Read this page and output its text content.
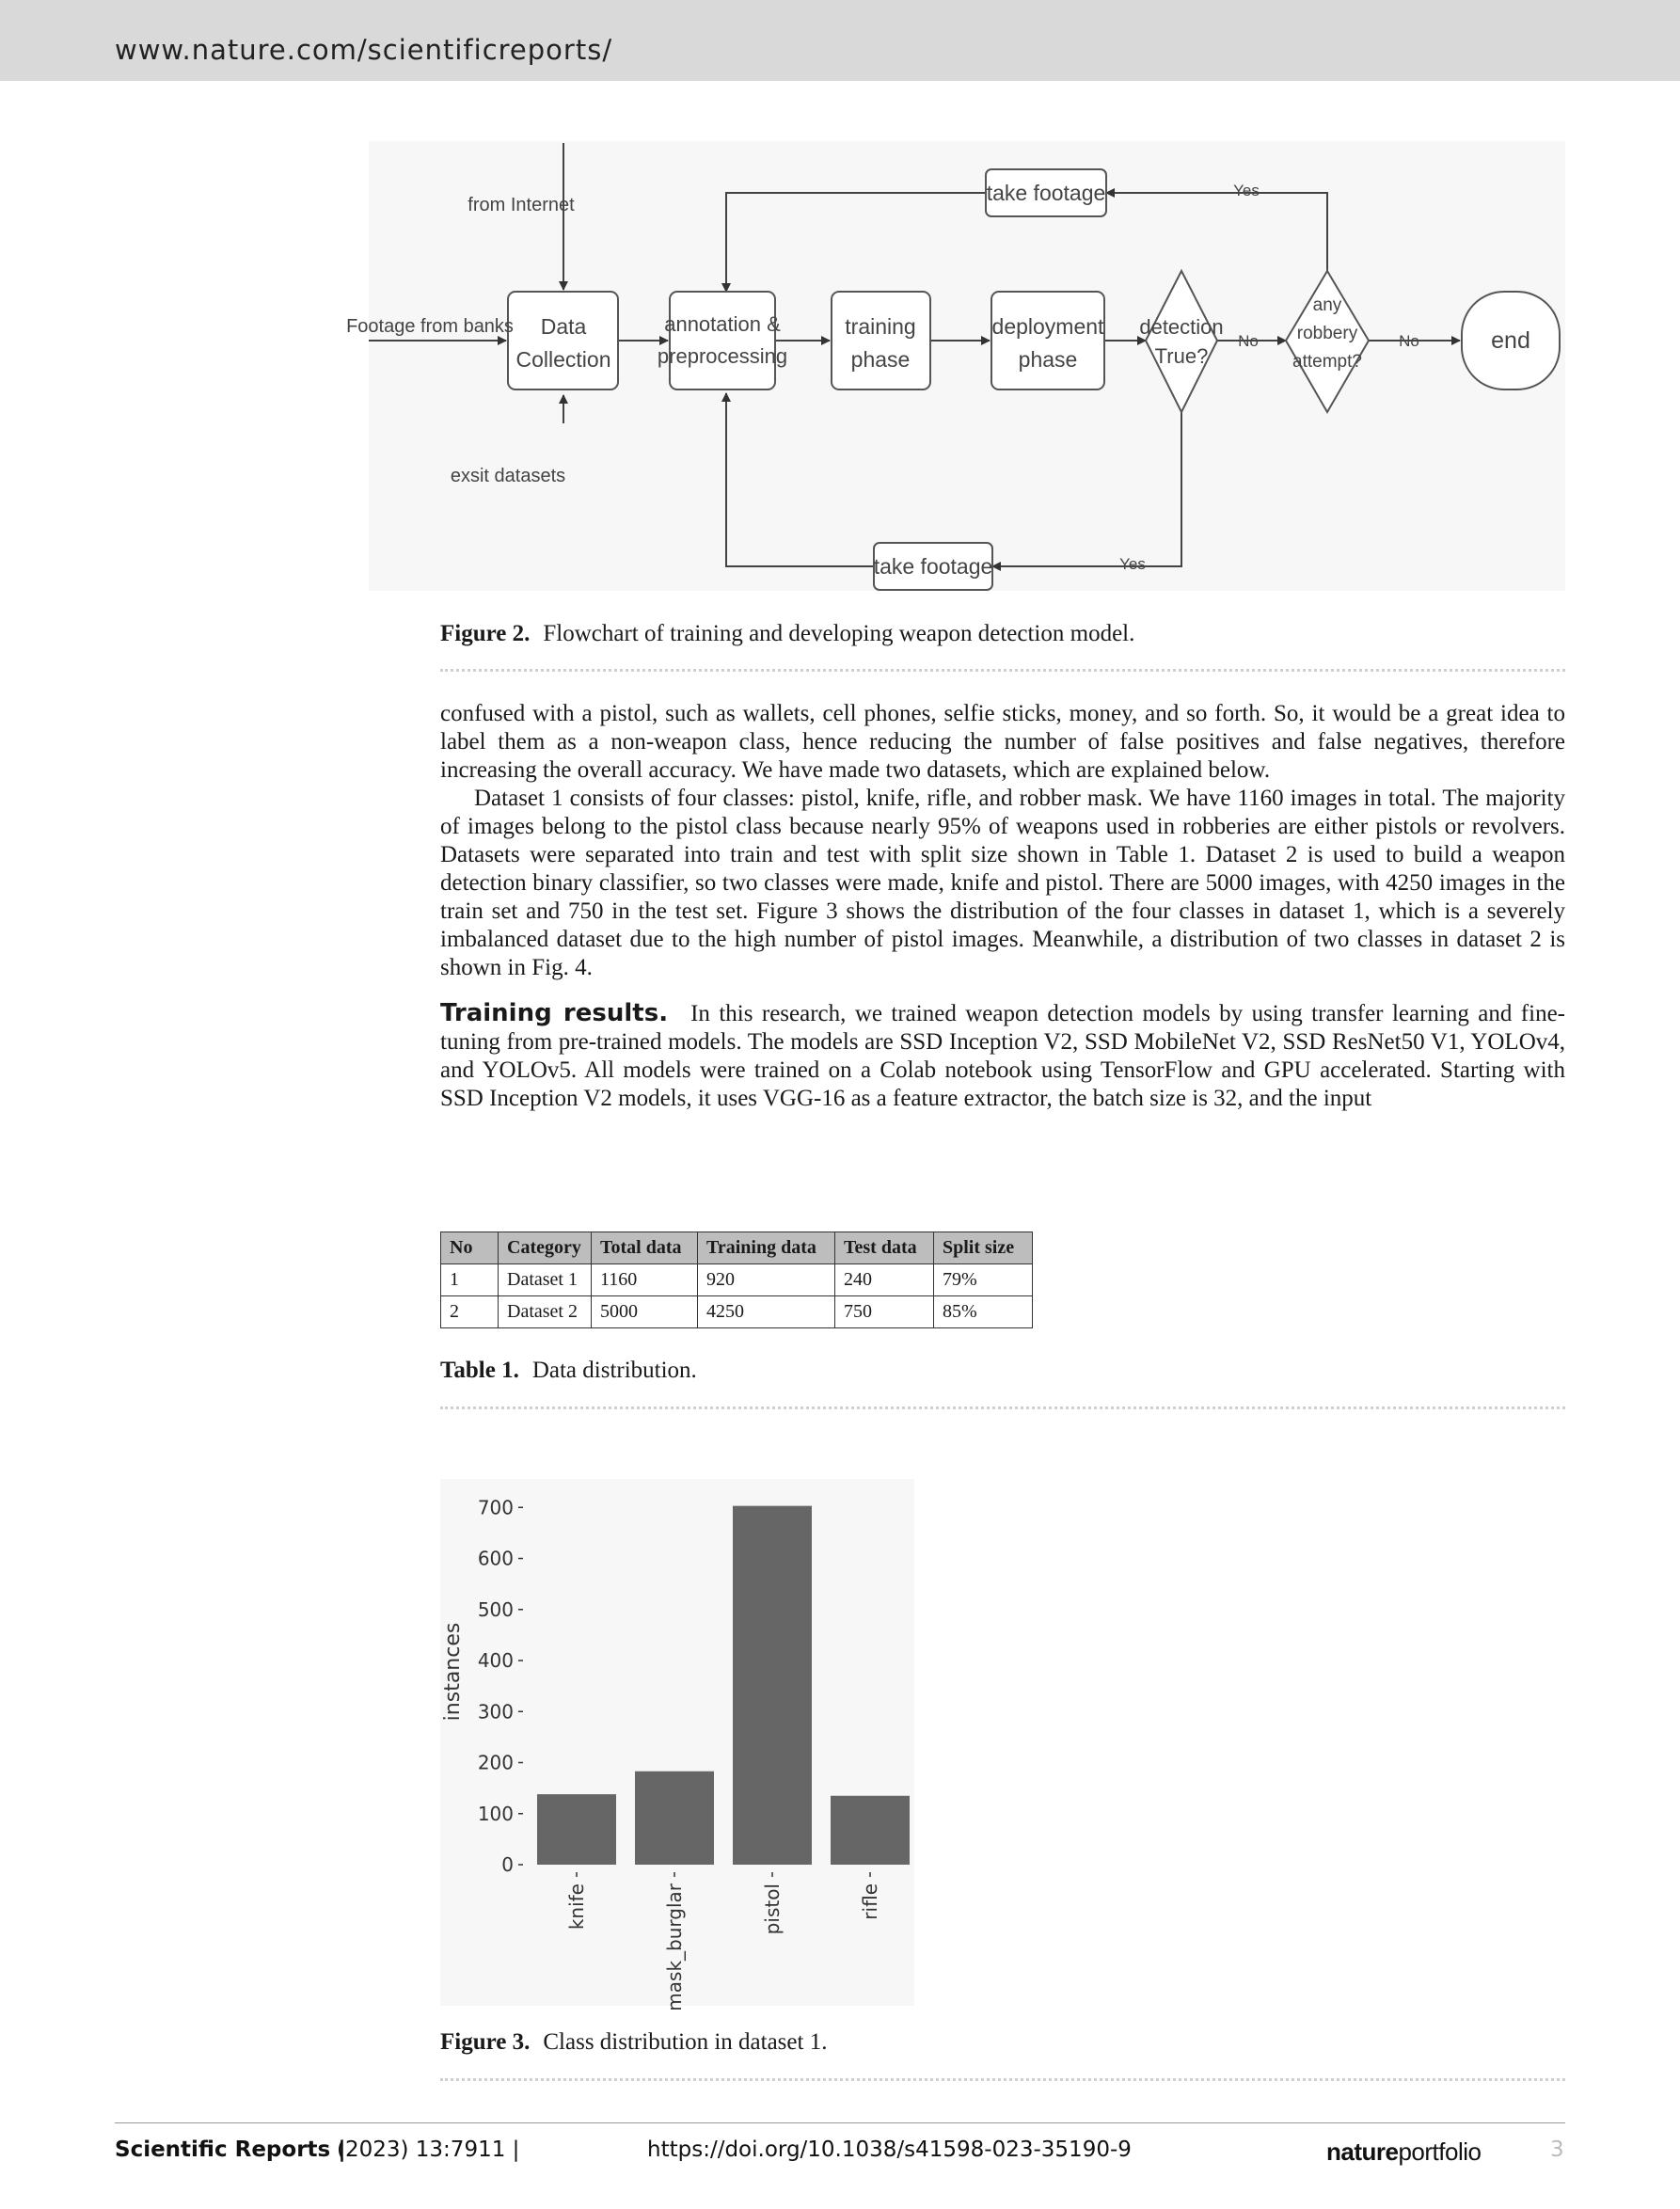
www.nature.com/scientificreports/
from Internet
Footage from banks
exsit datasets
Data
Collection
annotation &
preprocessing
training
phase
deployment
phase
detection
True?
any
robbery
attempt?
end
take footage
take footage
Yes
Yes
No	No
Figure 2. Flowchart of training and developing weapon detection model.

confused with a pistol, such as wallets, cell phones, selfie sticks, money, and so forth. So, it would be a great idea to label them as a non-weapon class, hence reducing the number of false positives and false negatives, therefore increasing the overall accuracy. We have made two datasets, which are explained below.

Dataset 1 consists of four classes: pistol, knife, rifle, and robber mask. We have 1160 images in total. The majority of images belong to the pistol class because nearly 95% of weapons used in robberies are either pistols or revolvers. Datasets were separated into train and test with split size shown in Table 1. Dataset 2 is used to build a weapon detection binary classifier, so two classes were made, knife and pistol. There are 5000 images, with 4250 images in the train set and 750 in the test set. Figure 3 shows the distribution of the four classes in dataset 1, which is a severely imbalanced dataset due to the high number of pistol images. Meanwhile, a distribution of two classes in dataset 2 is shown in Fig. 4.

Training results. In this research, we trained weapon detection models by using transfer learning and fine-tuning from pre-trained models. The models are SSD Inception V2, SSD MobileNet V2, SSD ResNet50 V1, YOLOv4, and YOLOv5. All models were trained on a Colab notebook using TensorFlow and GPU accelerated. Starting with SSD Inception V2 models, it uses VGG-16 as a feature extractor, the batch size is 32, and the input

No	Category	Total data	Training data	Test data	Split size
1	Dataset 1	1160	920	240	79%
2	Dataset 2	5000	4250	750	85%
Table 1. Data distribution.
0
100
200
300
400
500
600
700
knife	mask_burglar	pistol	rifle
instances
Figure 3. Class distribution in dataset 1.
Scientific Reports |
(2023) 13:7911 |	https://doi.org/10.1038/s41598-023-35190-9	natureportfolio	3
